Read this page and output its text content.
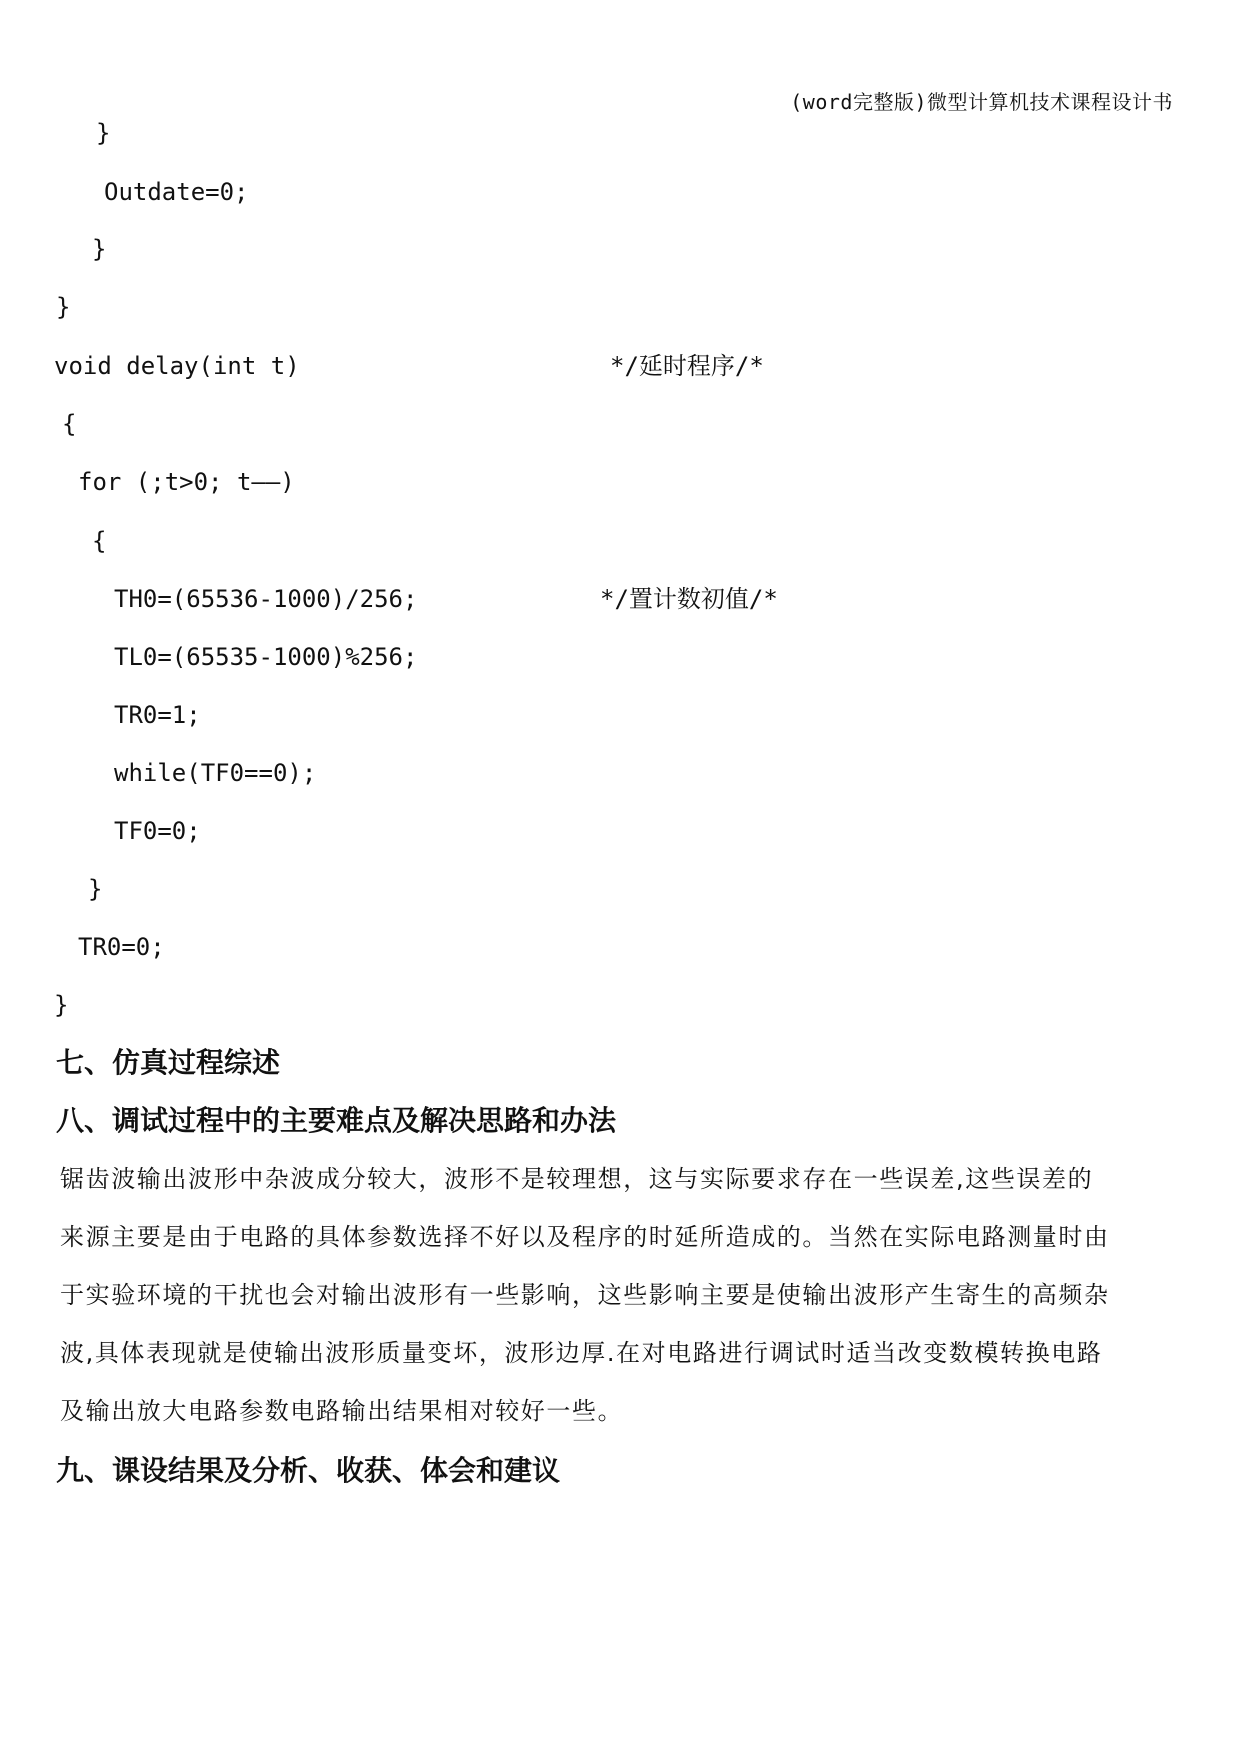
(word完整版)微型计算机技术课程设计书
}
Outdate=0;
}
}
void delay(int t)	*/延时程序/*
{
for (;t>0; t——)
{
TH0=(65536-1000)/256;	*/置计数初值/*
TL0=(65535-1000)%256;
TR0=1;
while(TF0==0);
TF0=0;
}
TR0=0;
}
七、仿真过程综述
八、调试过程中的主要难点及解决思路和办法
锯齿波输出波形中杂波成分较大，波形不是较理想，这与实际要求存在一些误差,这些误差的
来源主要是由于电路的具体参数选择不好以及程序的时延所造成的。当然在实际电路测量时由
于实验环境的干扰也会对输出波形有一些影响，这些影响主要是使输出波形产生寄生的高频杂
波,具体表现就是使输出波形质量变坏，波形边厚.在对电路进行调试时适当改变数模转换电路
及输出放大电路参数电路输出结果相对较好一些。
九、课设结果及分析、收获、体会和建议
